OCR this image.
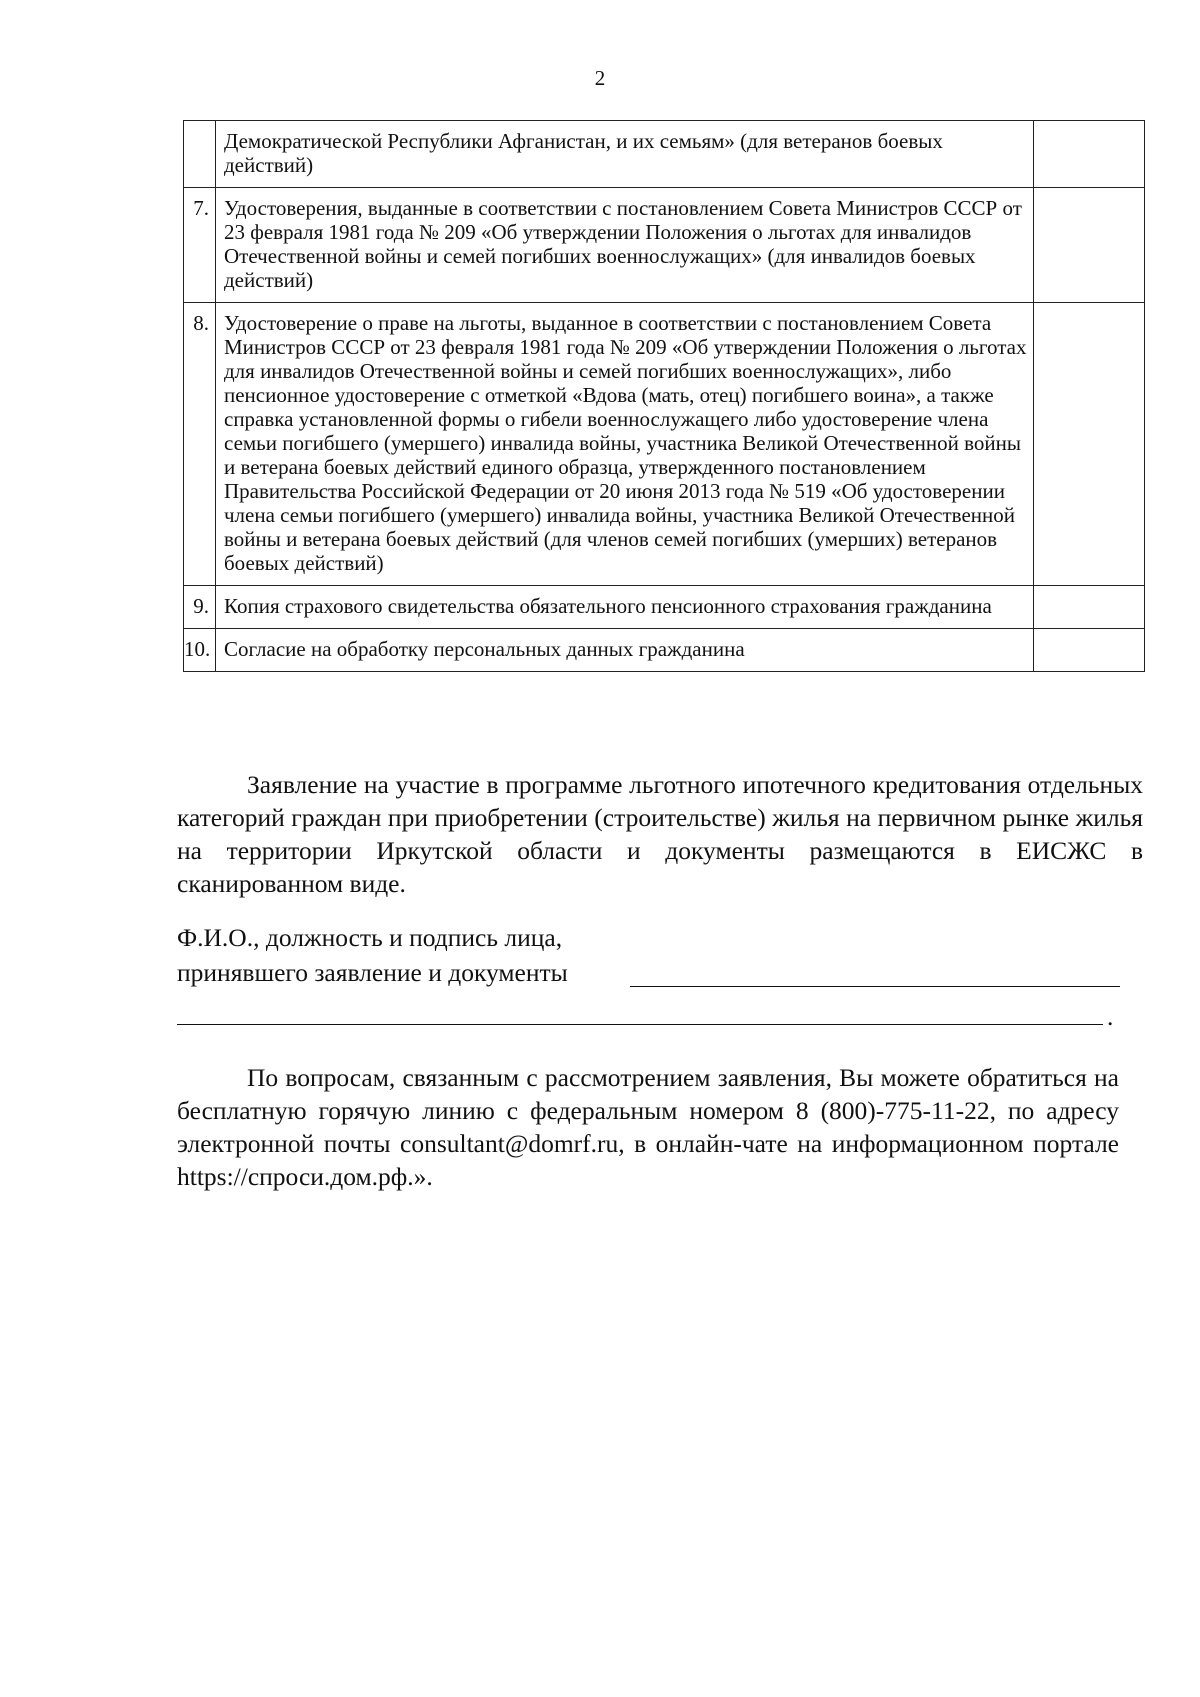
2
	Демократической Республики Афганистан, и их семьям» (для ветеранов боевых действий)	
7.	Удостоверения, выданные в соответствии с постановлением Совета Министров СССР от 23 февраля 1981 года № 209 «Об утверждении Положения о льготах для инвалидов Отечественной войны и семей погибших военнослужащих» (для инвалидов боевых действий)	
8.	Удостоверение о праве на льготы, выданное в соответствии с постановлением Совета Министров СССР от 23 февраля 1981 года № 209 «Об утверждении Положения о льготах для инвалидов Отечественной войны и семей погибших военнослужащих», либо пенсионное удостоверение с отметкой «Вдова (мать, отец) погибшего воина», а также справка установленной формы о гибели военнослужащего либо удостоверение члена семьи погибшего (умершего) инвалида войны, участника Великой Отечественной войны и ветерана боевых действий единого образца, утвержденного постановлением Правительства Российской Федерации от 20 июня 2013 года № 519 «Об удостоверении члена семьи погибшего (умершего) инвалида войны, участника Великой Отечественной войны и ветерана боевых действий (для членов семей погибших (умерших) ветеранов боевых действий)	
9.	Копия страхового свидетельства обязательного пенсионного страхования гражданина	
10.	Согласие на обработку персональных данных гражданина	

Заявление на участие в программе льготного ипотечного кредитования отдельных категорий граждан при приобретении (строительстве) жилья на первичном рынке жилья на территории Иркутской области и документы размещаются в ЕИСЖС в сканированном виде.

Ф.И.О., должность и подпись лица,
принявшего заявление и документы
.

По вопросам, связанным с рассмотрением заявления, Вы можете обратиться на бесплатную горячую линию с федеральным номером 8 (800)-775-11-22, по адресу электронной почты consultant@domrf.ru, в онлайн-чате на информационном портале https://спроси.дом.рф.».
